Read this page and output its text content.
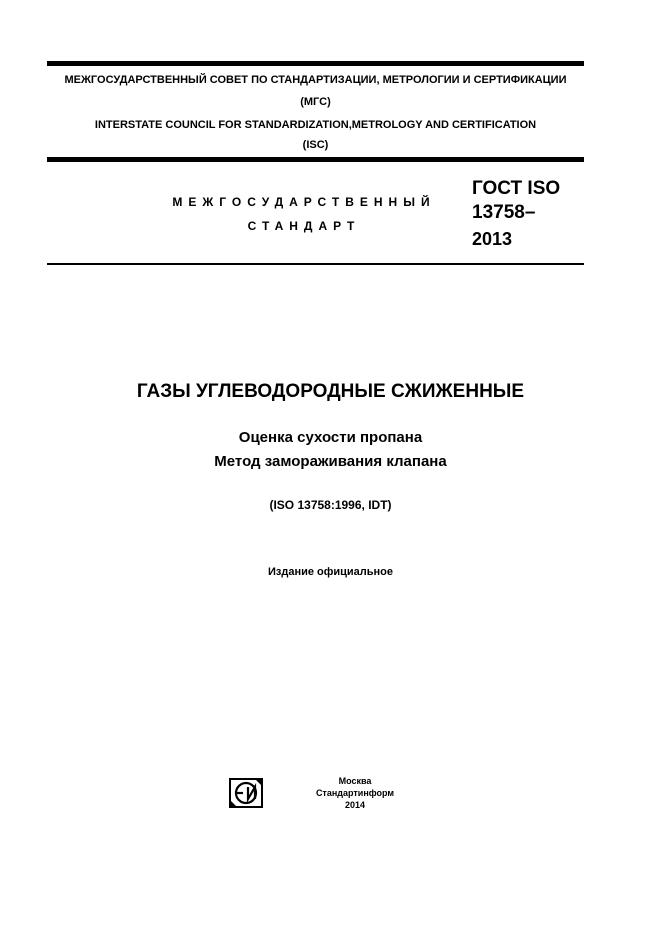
МЕЖГОСУДАРСТВЕННЫЙ СОВЕТ ПО СТАНДАРТИЗАЦИИ, МЕТРОЛОГИИ И СЕРТИФИКАЦИИ
(МГС)
INTERSTATE COUNCIL FOR STANDARDIZATION,METROLOGY AND CERTIFICATION
(ISC)
МЕЖГОСУДАРСТВЕННЫЙ
СТАНДАРТ
ГОСТ ISO
13758–
2013
ГАЗЫ УГЛЕВОДОРОДНЫЕ СЖИЖЕННЫЕ
Оценка сухости пропана
Метод замораживания клапана
(ISO 13758:1996, IDT)
Издание официальное
Москва
Стандартинформ
2014
